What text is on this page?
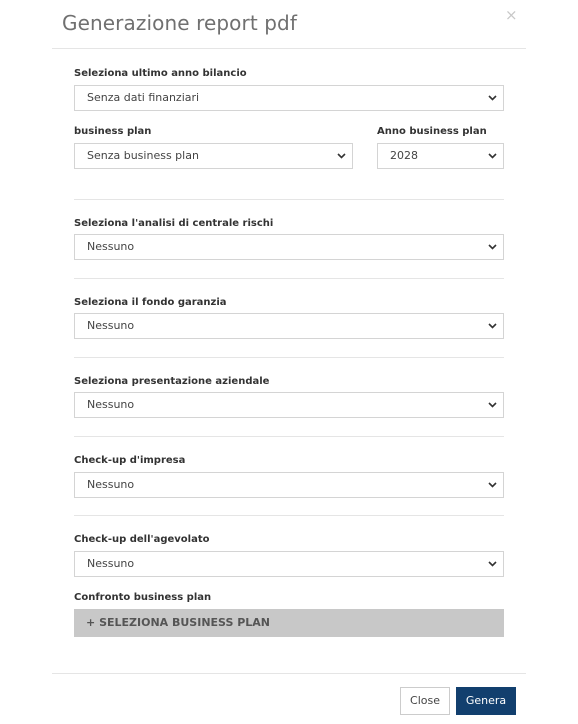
Generazione report pdf	×
Seleziona ultimo anno bilancio
Senza dati finanziari
business plan
Senza business plan
Anno business plan
2028
Seleziona l'analisi di centrale rischi
Nessuno
Seleziona il fondo garanzia
Nessuno
Seleziona presentazione aziendale
Nessuno
Check-up d'impresa
Nessuno
Check-up dell'agevolato
Nessuno
Confronto business plan
+ SELEZIONA BUSINESS PLAN
Close	Genera
